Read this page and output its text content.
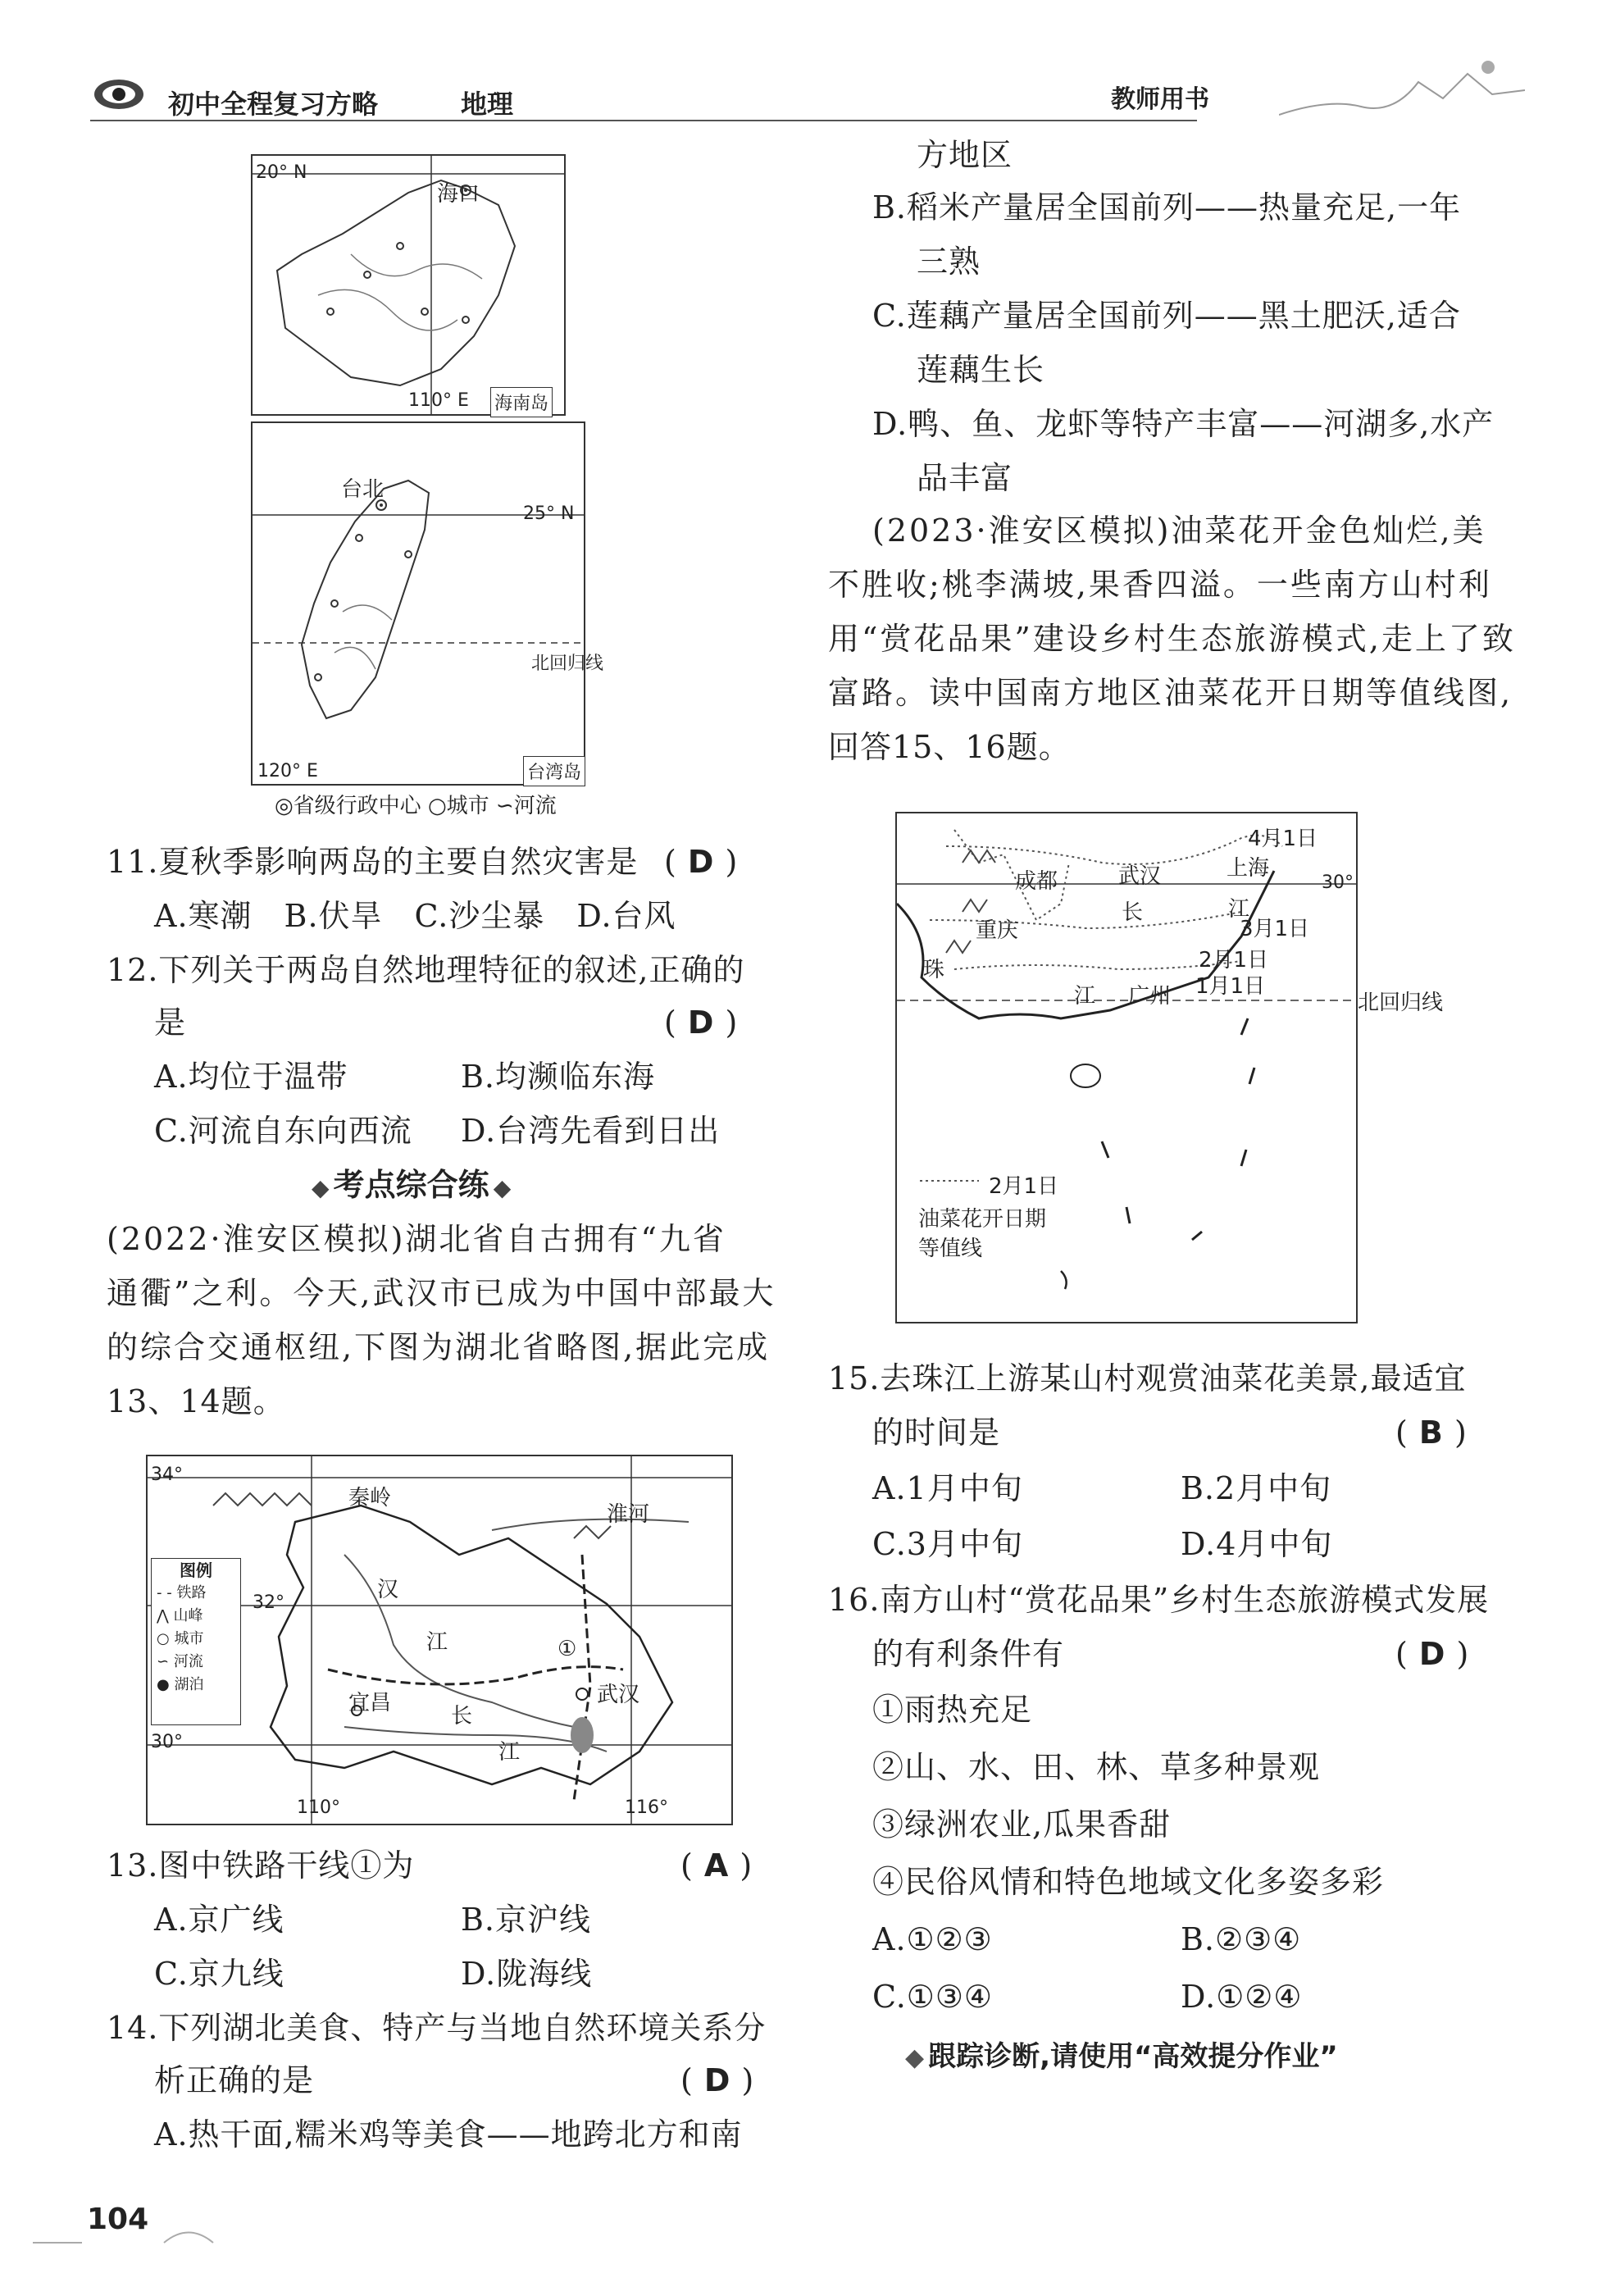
初中全程复习方略	地理	教师用书
20° N
海口
110° E 海南岛
台北
25° N
北回归线
120° E	台湾岛
◎省级行政中心 ○城市 ∽河流
11.夏秋季影响两岛的主要自然灾害是 ( D )
A.寒潮　B.伏旱　C.沙尘暴　D.台风
12.下列关于两岛自然地理特征的叙述,正确的
是	( D )
A.均位于温带	B.均濒临东海
C.河流自东向西流 D.台湾先看到日出
◆ 考点综合练 ◆
(2022·淮安区模拟)湖北省自古拥有“九省
通衢”之利。今天,武汉市已成为中国中部最大
的综合交通枢纽,下图为湖北省略图,据此完成
13、14题。
34°
32°
30°
110°	116°
秦岭
淮河
汉
江	①
宜昌
长
江
武汉
图例
- - 铁路
⋀ 山峰
○ 城市
∽ 河流
● 湖泊
13.图中铁路干线①为	( A )
A.京广线	B.京沪线
C.京九线	D.陇海线
14.下列湖北美食、特产与当地自然环境关系分
析正确的是	( D )
A.热干面,糯米鸡等美食——地跨北方和南
104
方地区
B.稻米产量居全国前列——热量充足,一年
三熟
C.莲藕产量居全国前列——黑土肥沃,适合
莲藕生长
D.鸭、鱼、龙虾等特产丰富——河湖多,水产
品丰富
(2023·淮安区模拟)油菜花开金色灿烂,美
不胜收;桃李满坡,果香四溢。一些南方山村利
用“赏花品果”建设乡村生态旅游模式,走上了致
富路。读中国南方地区油菜花开日期等值线图,
回答15、16题。
4月1日
30°
成都	武汉	上海
长	江
重庆	3月1日
2月1日
珠
江 广州 1月1日
2月1日
油菜花开日期
等值线
北回归线
15.去珠江上游某山村观赏油菜花美景,最适宜
的时间是	( B )
A.1月中旬	B.2月中旬
C.3月中旬	D.4月中旬
16.南方山村“赏花品果”乡村生态旅游模式发展
的有利条件有	( D )
①雨热充足
②山、水、田、林、草多种景观
③绿洲农业,瓜果香甜
④民俗风情和特色地域文化多姿多彩
A.①②③	B.②③④
C.①③④	D.①②④
◆ 跟踪诊断,请使用“高效提分作业”
